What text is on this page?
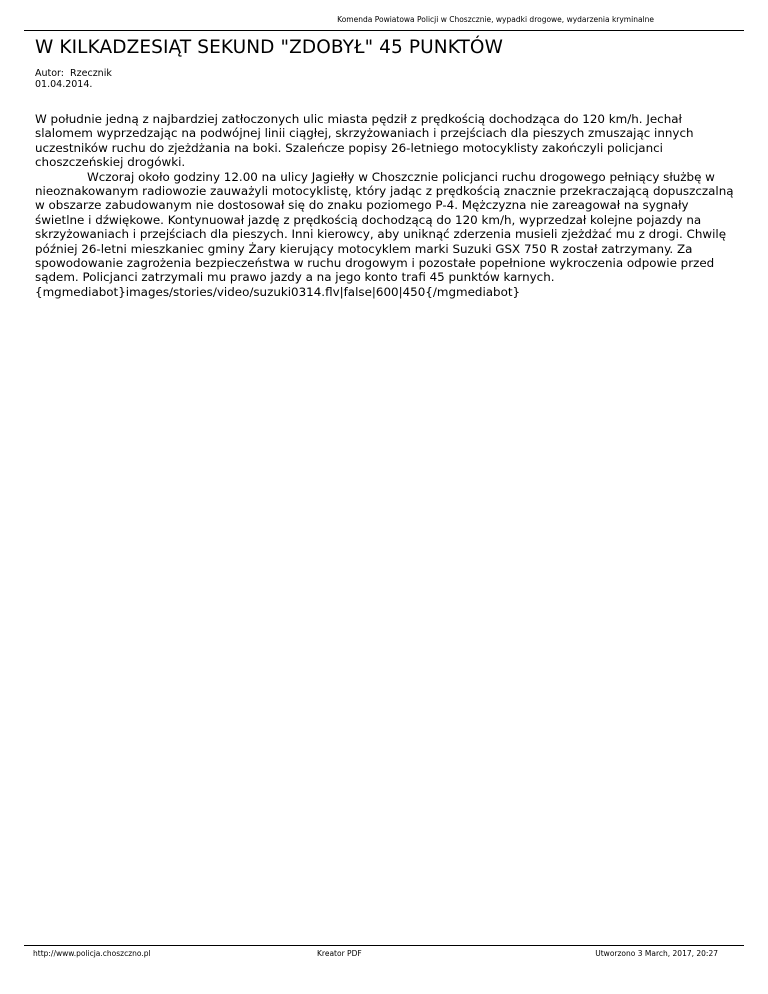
Komenda Powiatowa Policji w Choszcznie, wypadki drogowe, wydarzenia kryminalne
W KILKADZESIĄT SEKUND "ZDOBYŁ" 45 PUNKTÓW
Autor:  Rzecznik
01.04.2014.

W południe jedną z najbardziej zatłoczonych ulic miasta pędził z prędkością dochodząca do 120 km/h. Jechał slalomem wyprzedzając na podwójnej linii ciągłej, skrzyżowaniach i przejściach dla pieszych zmuszając innych uczestników ruchu do zjeżdżania na boki. Szaleńcze popisy 26-letniego motocyklisty zakończyli policjanci choszczeńskiej drogówki.

Wczoraj około godziny 12.00 na ulicy Jagiełły w Choszcznie policjanci ruchu drogowego pełniący służbę w nieoznakowanym radiowozie zauważyli motocyklistę, który jadąc z prędkością znacznie przekraczającą dopuszczalną w obszarze zabudowanym nie dostosował się do znaku poziomego P-4. Mężczyzna nie zareagował na sygnały świetlne i dźwiękowe. Kontynuował jazdę z prędkością dochodzącą do 120 km/h, wyprzedzał kolejne pojazdy na skrzyżowaniach i przejściach dla pieszych. Inni kierowcy, aby uniknąć zderzenia musieli zjeżdżać mu z drogi. Chwilę później 26-letni mieszkaniec gminy Żary kierujący motocyklem marki Suzuki GSX 750 R został zatrzymany. Za spowodowanie zagrożenia bezpieczeństwa w ruchu drogowym i pozostałe popełnione wykroczenia odpowie przed sądem. Policjanci zatrzymali mu prawo jazdy a na jego konto trafi 45 punktów karnych.

{mgmediabot}images/stories/video/suzuki0314.flv|false|600|450{/mgmediabot}

http://www.policja.choszczno.pl	Kreator PDF	Utworzono 3 March, 2017, 20:27
